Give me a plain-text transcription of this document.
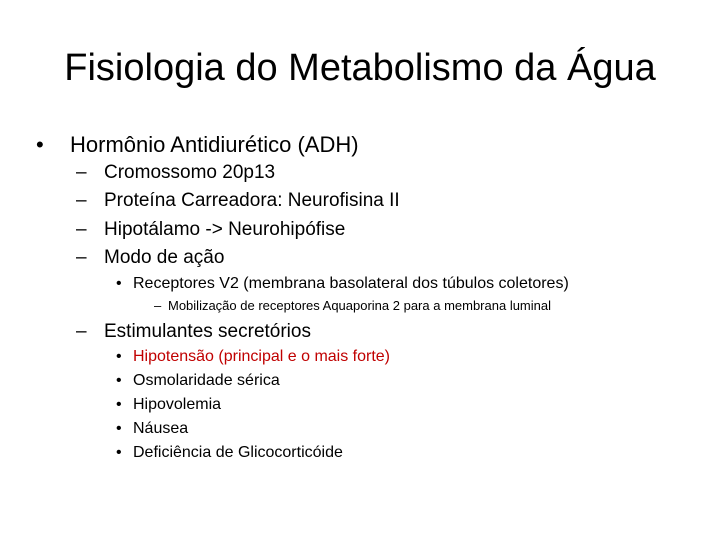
Fisiologia do Metabolismo da Água
• Hormônio Antidiurético (ADH)
– Cromossomo 20p13
– Proteína Carreadora: Neurofisina II
– Hipotálamo -> Neurohipófise
– Modo de ação
• Receptores V2 (membrana basolateral dos túbulos coletores)
– Mobilização de receptores Aquaporina 2 para a membrana luminal
– Estimulantes secretórios
• Hipotensão (principal e o mais forte)
• Osmolaridade sérica
• Hipovolemia
• Náusea
• Deficiência de Glicocorticóide
